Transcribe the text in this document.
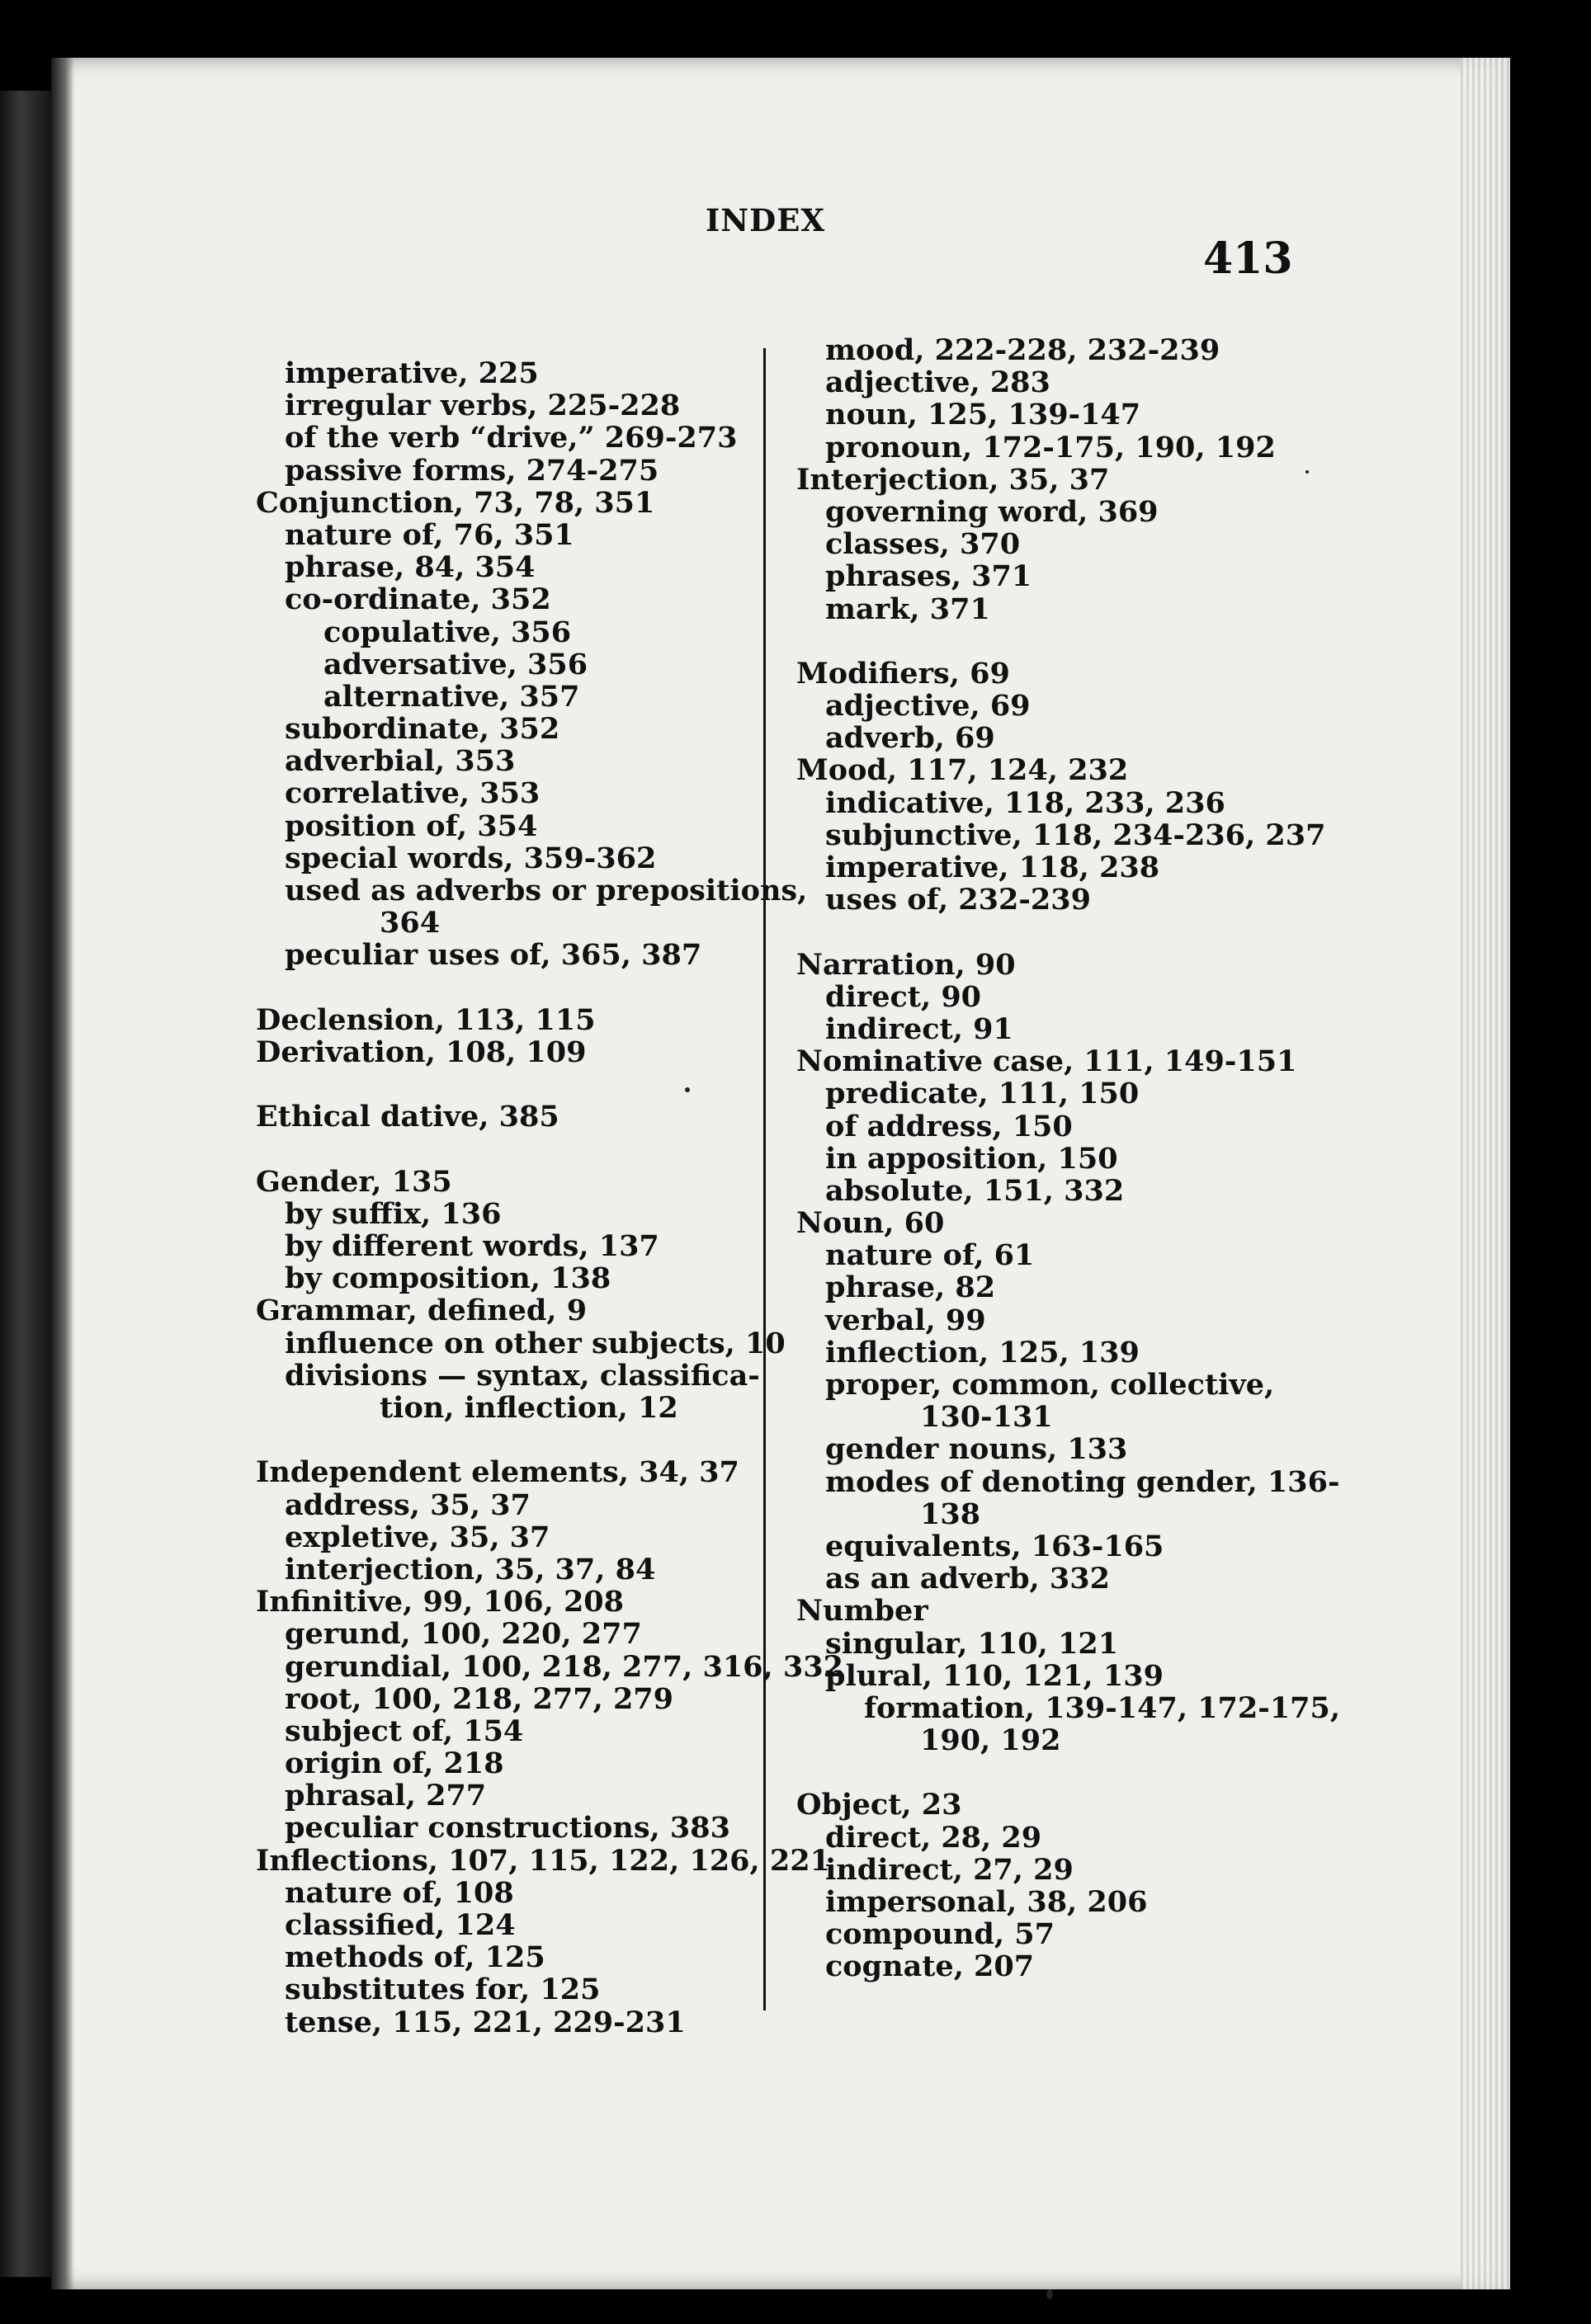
INDEX
413
imperative, 225
irregular verbs, 225-228
of the verb “drive,” 269-273
passive forms, 274-275
Conjunction, 73, 78, 351
nature of, 76, 351
phrase, 84, 354
co-ordinate, 352
copulative, 356
adversative, 356
alternative, 357
subordinate, 352
adverbial, 353
correlative, 353
position of, 354
special words, 359-362
used as adverbs or prepositions,
364
peculiar uses of, 365, 387
Declension, 113, 115
Derivation, 108, 109
Ethical dative, 385
Gender, 135
by suffix, 136
by different words, 137
by composition, 138
Grammar, defined, 9
influence on other subjects, 10
divisions — syntax, classifica-
tion, inflection, 12
Independent elements, 34, 37
address, 35, 37
expletive, 35, 37
interjection, 35, 37, 84
Infinitive, 99, 106, 208
gerund, 100, 220, 277
gerundial, 100, 218, 277, 316, 332
root, 100, 218, 277, 279
subject of, 154
origin of, 218
phrasal, 277
peculiar constructions, 383
Inflections, 107, 115, 122, 126, 221
nature of, 108
classified, 124
methods of, 125
substitutes for, 125
tense, 115, 221, 229-231
mood, 222-228, 232-239
adjective, 283
noun, 125, 139-147
pronoun, 172-175, 190, 192
Interjection, 35, 37
governing word, 369
classes, 370
phrases, 371
mark, 371
Modifiers, 69
adjective, 69
adverb, 69
Mood, 117, 124, 232
indicative, 118, 233, 236
subjunctive, 118, 234-236, 237
imperative, 118, 238
uses of, 232-239
Narration, 90
direct, 90
indirect, 91
Nominative case, 111, 149-151
predicate, 111, 150
of address, 150
in apposition, 150
absolute, 151, 332
Noun, 60
nature of, 61
phrase, 82
verbal, 99
inflection, 125, 139
proper, common, collective,
130-131
gender nouns, 133
modes of denoting gender, 136-
138
equivalents, 163-165
as an adverb, 332
Number
singular, 110, 121
plural, 110, 121, 139
formation, 139-147, 172-175,
190, 192
Object, 23
direct, 28, 29
indirect, 27, 29
impersonal, 38, 206
compound, 57
cognate, 207
